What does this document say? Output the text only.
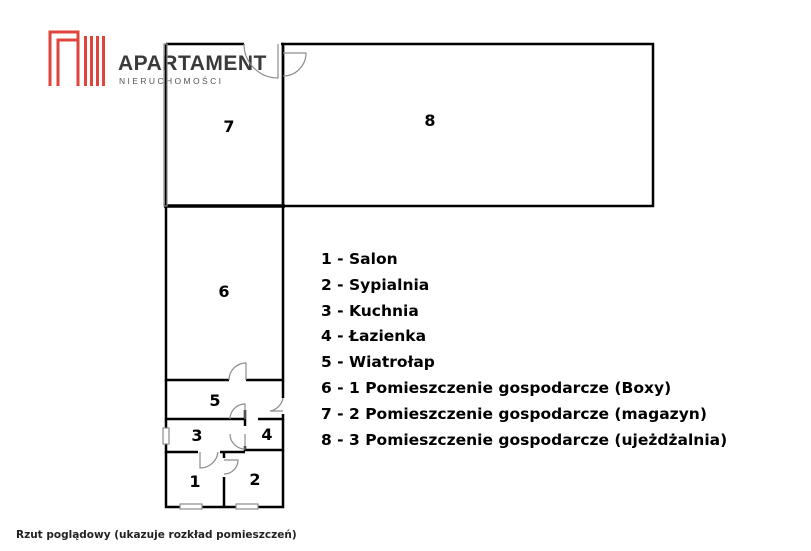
APARTAMENT
NIERUCHOMOŚCI
1	2
3	4
5
6
7	8
1 - Salon
2 - Sypialnia
3 - Kuchnia
4 - Łazienka
5 - Wiatrołap
6 - 1 Pomieszczenie gospodarcze (Boxy)
7 - 2 Pomieszczenie gospodarcze (magazyn)
8 - 3 Pomieszczenie gospodarcze (ujeżdżalnia)
Rzut poglądowy (ukazuje rozkład pomieszczeń)
